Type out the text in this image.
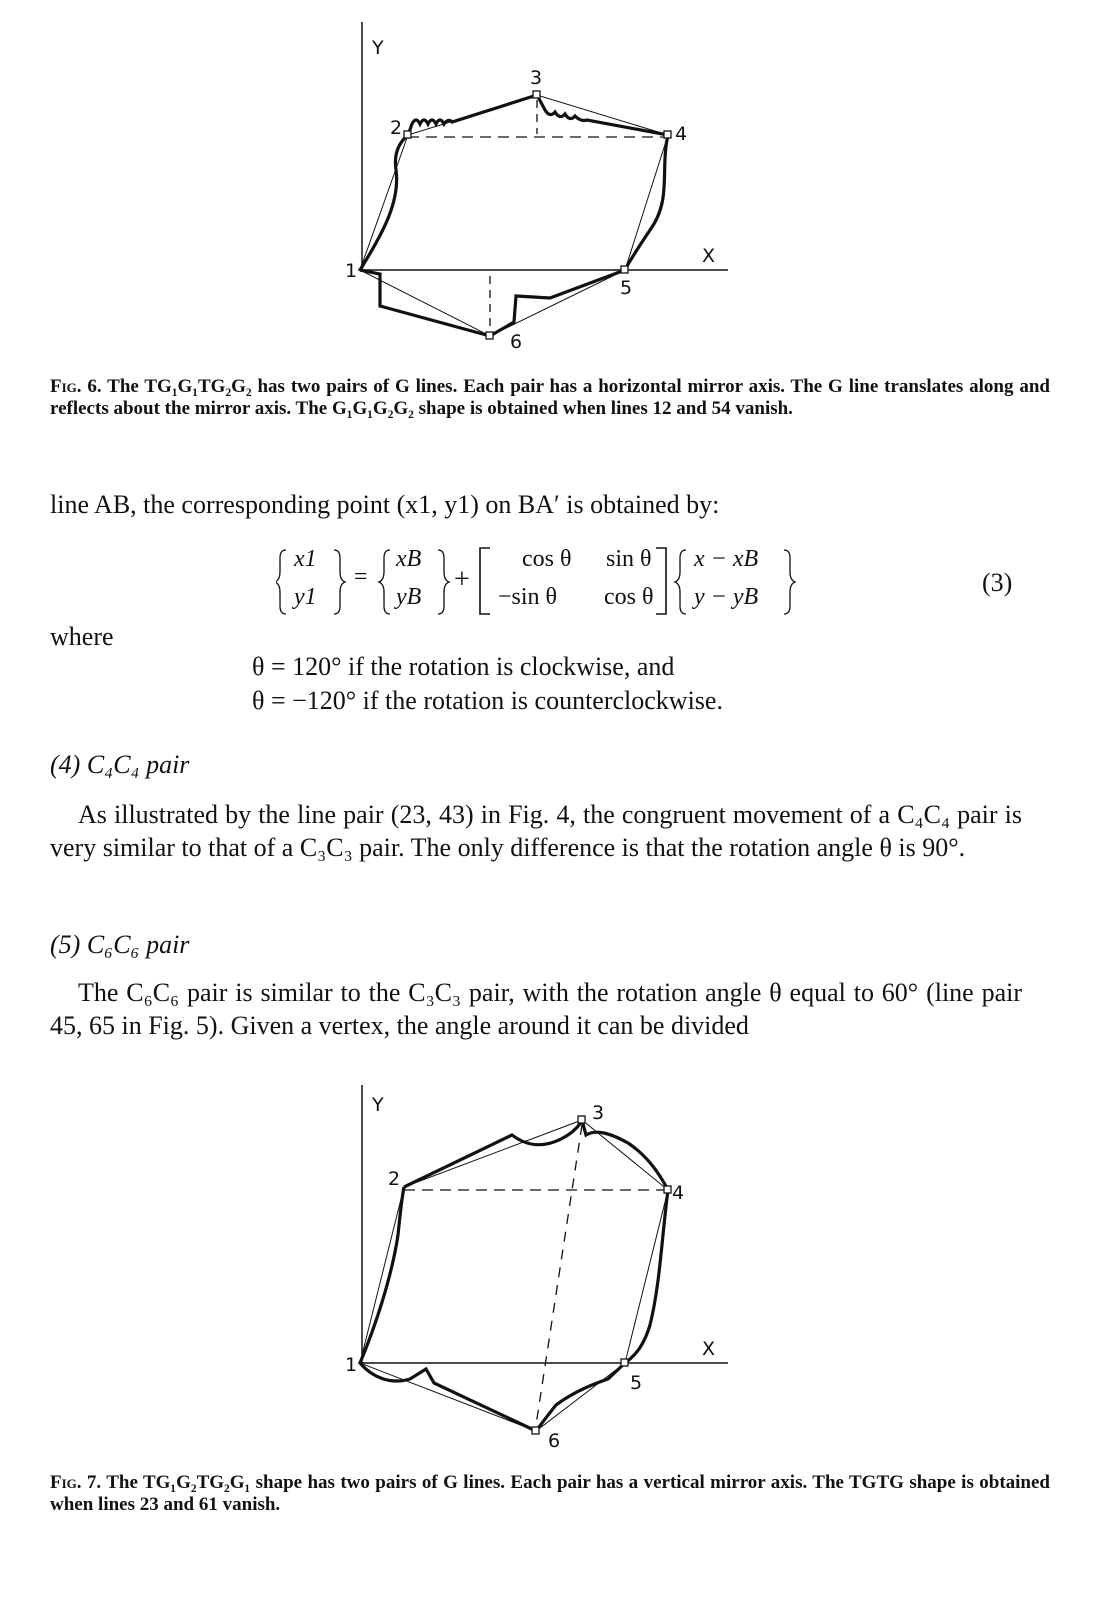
Y
X
1
2
3
4
5
6
Fig. 6. The TG₁G₁TG₂G₂ has two pairs of G lines. Each pair has a horizontal mirror axis. The G line translates along and reflects about the mirror axis. The G₁G₁G₂G₂ shape is obtained when lines 12 and 54 vanish.
line AB, the corresponding point (x1, y1) on BA′ is obtained by:
x1
y1
=
xB
yB
+
cos θ sin θ
−sin θ cos θ
x − xB
y − yB	(3)
where
θ = 120° if the rotation is clockwise, and
θ = −120° if the rotation is counterclockwise.
(4) C₄C₄ pair
As illustrated by the line pair (23, 43) in Fig. 4, the congruent movement of a C₄C₄ pair is very similar to that of a C₃C₃ pair. The only difference is that the rotation angle θ is 90°.
(5) C₆C₆ pair
The C₆C₆ pair is similar to the C₃C₃ pair, with the rotation angle θ equal to 60° (line pair 45, 65 in Fig. 5). Given a vertex, the angle around it can be divided
Y
X
1
2
3
4
5
6
Fig. 7. The TG₁G₂TG₂G₁ shape has two pairs of G lines. Each pair has a vertical mirror axis. The TGTG shape is obtained when lines 23 and 61 vanish.
